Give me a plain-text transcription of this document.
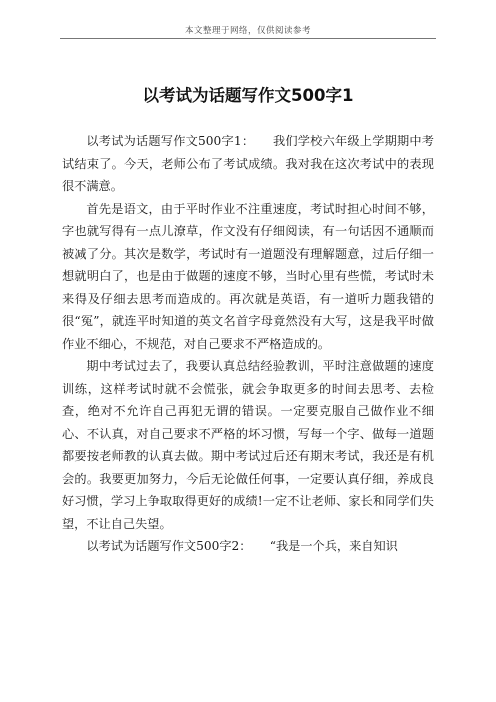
本文整理于网络，仅供阅读参考
以考试为话题写作文500字1

以考试为话题写作文500字1：　　我们学校六年级上学期期中考试结束了。今天，老师公布了考试成绩。我对我在这次考试中的表现很不满意。

首先是语文，由于平时作业不注重速度，考试时担心时间不够，字也就写得有一点儿潦草，作文没有仔细阅读，有一句话因不通顺而被减了分。其次是数学，考试时有一道题没有理解题意，过后仔细一想就明白了，也是由于做题的速度不够，当时心里有些慌，考试时未来得及仔细去思考而造成的。再次就是英语，有一道听力题我错的很“冤”，就连平时知道的英文名首字母竟然没有大写，这是我平时做作业不细心，不规范，对自己要求不严格造成的。

期中考试过去了，我要认真总结经验教训，平时注意做题的速度训练，这样考试时就不会慌张，就会争取更多的时间去思考、去检查，绝对不允许自己再犯无谓的错误。一定要克服自己做作业不细心、不认真，对自己要求不严格的坏习惯，写每一个字、做每一道题都要按老师教的认真去做。期中考试过后还有期末考试，我还是有机会的。我要更加努力，今后无论做任何事，一定要认真仔细，养成良好习惯，学习上争取取得更好的成绩!一定不让老师、家长和同学们失望，不让自己失望。

以考试为话题写作文500字2：　　“我是一个兵，来自知识
